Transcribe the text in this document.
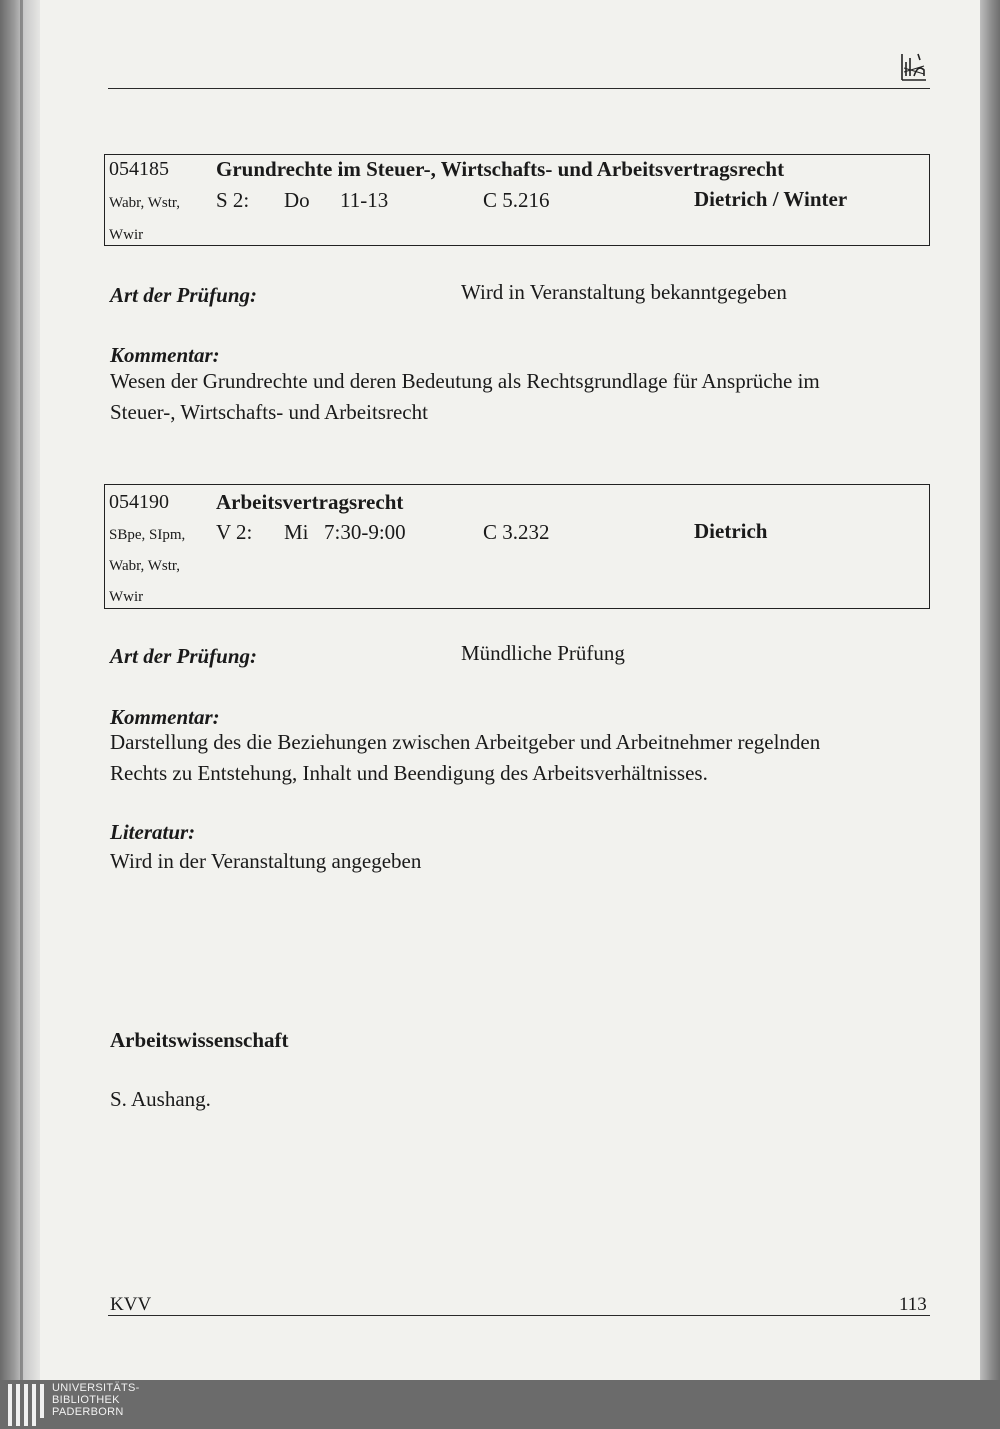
054185 Grundrechte im Steuer-, Wirtschafts- und Arbeitsvertragsrecht
Wabr, Wstr,
Wwir
S 2: Do 11-13	C 5.216	Dietrich / Winter
Art der Prüfung:	Wird in Veranstaltung bekanntgegeben
Kommentar:
Wesen der Grundrechte und deren Bedeutung als Rechtsgrundlage für Ansprüche im
Steuer-, Wirtschafts- und Arbeitsrecht
054190 Arbeitsvertragsrecht
SBpe, SIpm,
Wabr, Wstr,
Wwir
V 2: Mi 7:30-9:00	C 3.232	Dietrich
Art der Prüfung:	Mündliche Prüfung
Kommentar:
Darstellung des die Beziehungen zwischen Arbeitgeber und Arbeitnehmer regelnden
Rechts zu Entstehung, Inhalt und Beendigung des Arbeitsverhältnisses.
Literatur:
Wird in der Veranstaltung angegeben
Arbeitswissenschaft
S. Aushang.
KVV	113
UNIVERSITÄTS-
BIBLIOTHEK
PADERBORN
